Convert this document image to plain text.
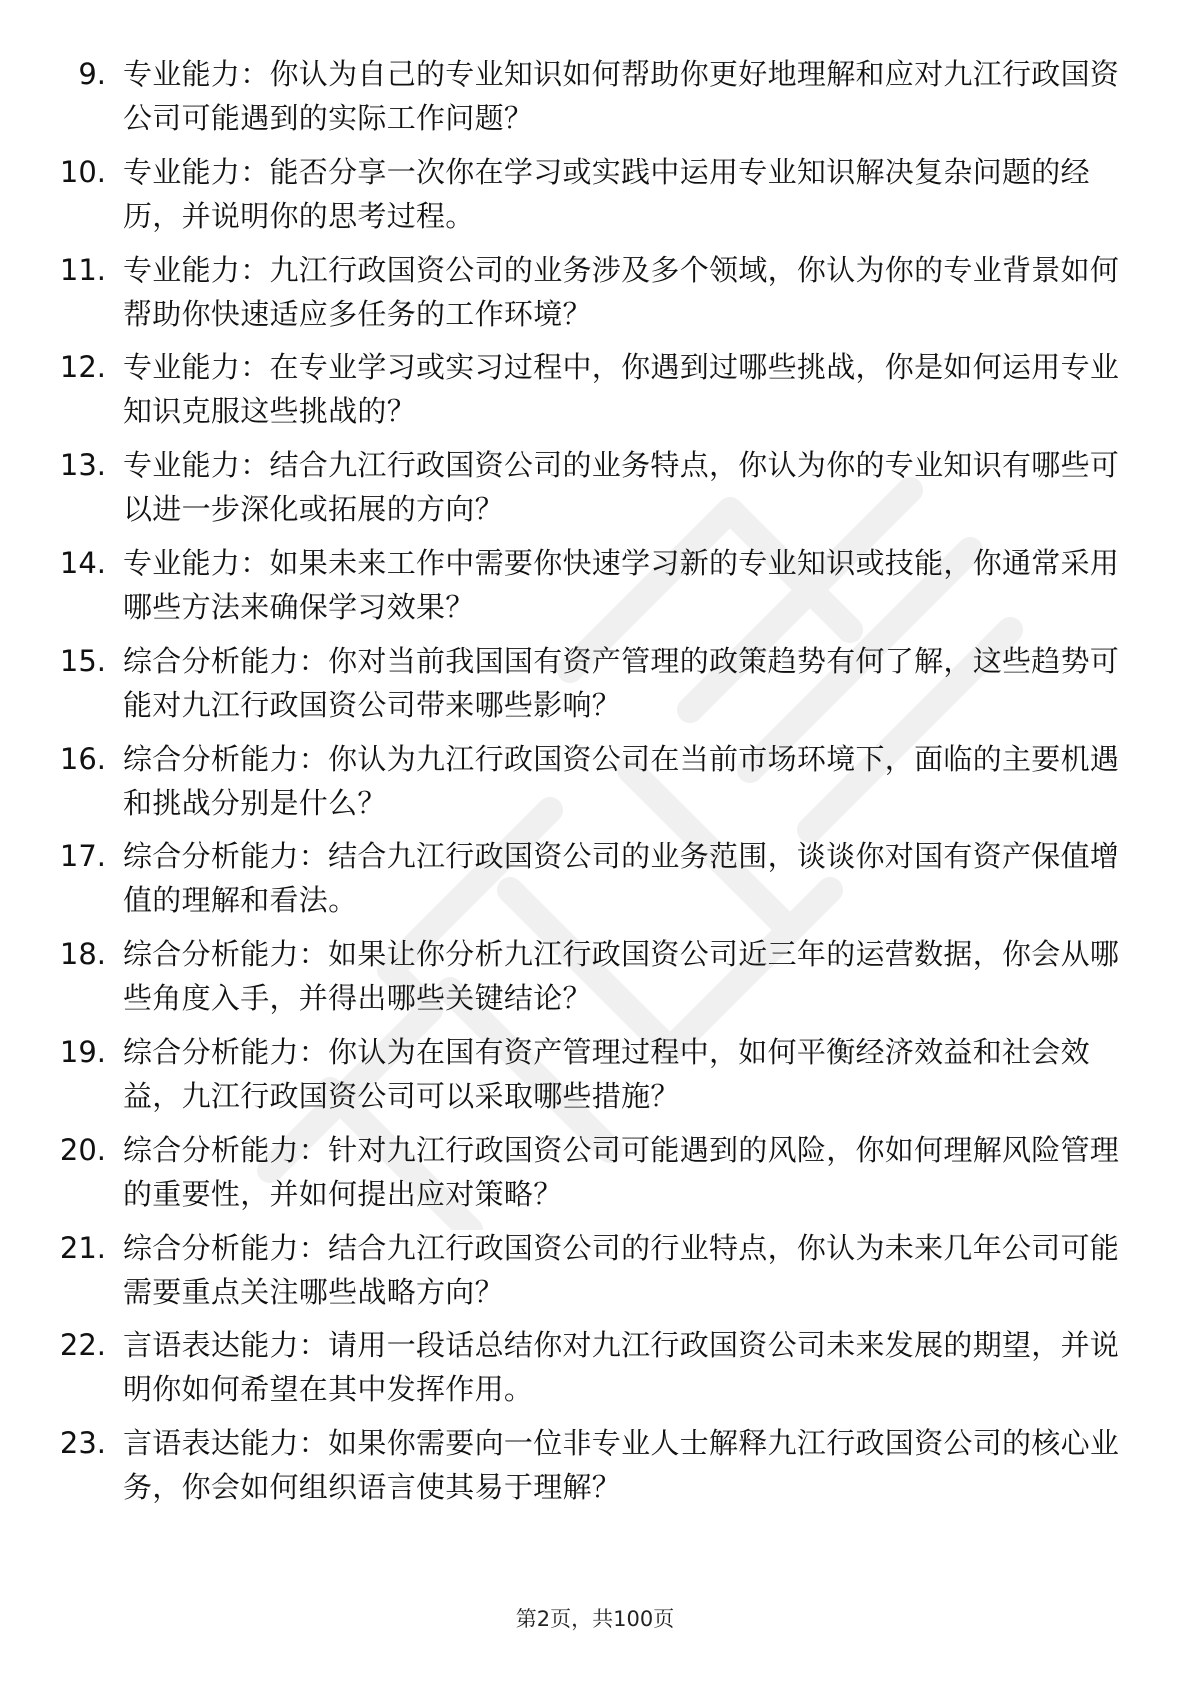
9. 专业能力：你认为自己的专业知识如何帮助你更好地理解和应对九江行政国资公司可能遇到的实际工作问题？
10. 专业能力：能否分享一次你在学习或实践中运用专业知识解决复杂问题的经历，并说明你的思考过程。
11. 专业能力：九江行政国资公司的业务涉及多个领域，你认为你的专业背景如何帮助你快速适应多任务的工作环境？
12. 专业能力：在专业学习或实习过程中，你遇到过哪些挑战，你是如何运用专业知识克服这些挑战的？
13. 专业能力：结合九江行政国资公司的业务特点，你认为你的专业知识有哪些可以进一步深化或拓展的方向？
14. 专业能力：如果未来工作中需要你快速学习新的专业知识或技能，你通常采用哪些方法来确保学习效果？
15. 综合分析能力：你对当前我国国有资产管理的政策趋势有何了解，这些趋势可能对九江行政国资公司带来哪些影响？
16. 综合分析能力：你认为九江行政国资公司在当前市场环境下，面临的主要机遇和挑战分别是什么？
17. 综合分析能力：结合九江行政国资公司的业务范围，谈谈你对国有资产保值增值的理解和看法。
18. 综合分析能力：如果让你分析九江行政国资公司近三年的运营数据，你会从哪些角度入手，并得出哪些关键结论？
19. 综合分析能力：你认为在国有资产管理过程中，如何平衡经济效益和社会效益，九江行政国资公司可以采取哪些措施？
20. 综合分析能力：针对九江行政国资公司可能遇到的风险，你如何理解风险管理的重要性，并如何提出应对策略？
21. 综合分析能力：结合九江行政国资公司的行业特点，你认为未来几年公司可能需要重点关注哪些战略方向？
22. 言语表达能力：请用一段话总结你对九江行政国资公司未来发展的期望，并说明你如何希望在其中发挥作用。
23. 言语表达能力：如果你需要向一位非专业人士解释九江行政国资公司的核心业务，你会如何组织语言使其易于理解？
第2页，共100页
